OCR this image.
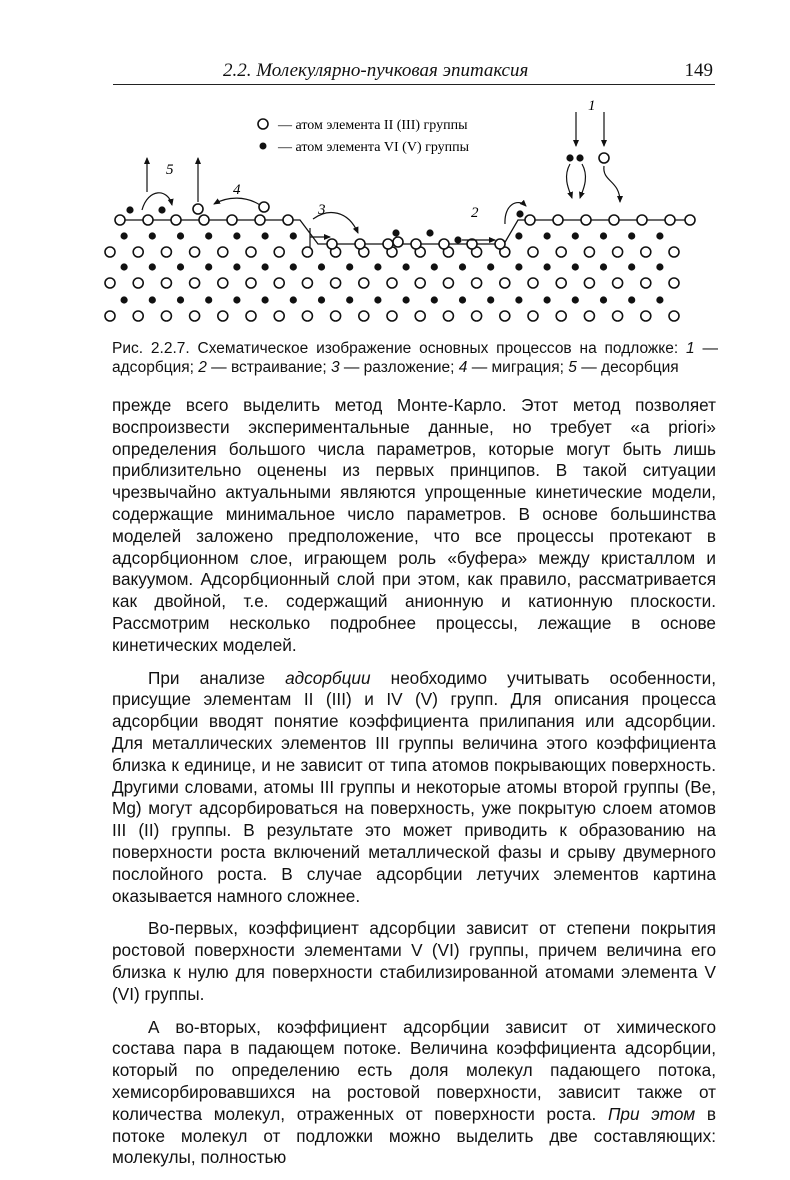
2.2. Молекулярно-пучковая эпитаксия	149
— атом элемента II (III) группы
— атом элемента VI (V) группы
5
4
3	2
1
Рис. 2.2.7. Схематическое изображение основных процессов на подложке: 1 — адсорбция; 2 — встраивание; 3 — разложение; 4 — миграция; 5 — десорбция

прежде всего выделить метод Монте-Карло. Этот метод позволяет воспроизвести экспериментальные данные, но требует «a priori» определения большого числа параметров, которые могут быть лишь приблизительно оценены из первых принципов. В такой ситуации чрезвычайно актуальными являются упрощенные кинетические модели, содержащие минимальное число параметров. В основе большинства моделей заложено предположение, что все процессы протекают в адсорбционном слое, играющем роль «буфера» между кристаллом и вакуумом. Адсорбционный слой при этом, как правило, рассматривается как двойной, т.е. содержащий анионную и катионную плоскости. Рассмотрим несколько подробнее процессы, лежащие в основе кинетических моделей.

При анализе адсорбции необходимо учитывать особенности, присущие элементам II (III) и IV (V) групп. Для описания процесса адсорбции вводят понятие коэффициента прилипания или адсорбции. Для металлических элементов III группы величина этого коэффициента близка к единице, и не зависит от типа атомов покрывающих поверхность. Другими словами, атомы III группы и некоторые атомы второй группы (Be, Mg) могут адсорбироваться на поверхность, уже покрытую слоем атомов III (II) группы. В результате это может приводить к образованию на поверхности роста включений металлической фазы и срыву двумерного послойного роста. В случае адсорбции летучих элементов картина оказывается намного сложнее.

Во-первых, коэффициент адсорбции зависит от степени покрытия ростовой поверхности элементами V (VI) группы, причем величина его близка к нулю для поверхности стабилизированной атомами элемента V (VI) группы.

А во-вторых, коэффициент адсорбции зависит от химического состава пара в падающем потоке. Величина коэффициента адсорбции, который по определению есть доля молекул падающего потока, хемисорбировавшихся на ростовой поверхности, зависит также от количества молекул, отраженных от поверхности роста. При этом в потоке молекул от подложки можно выделить две составляющих: молекулы, полностью
